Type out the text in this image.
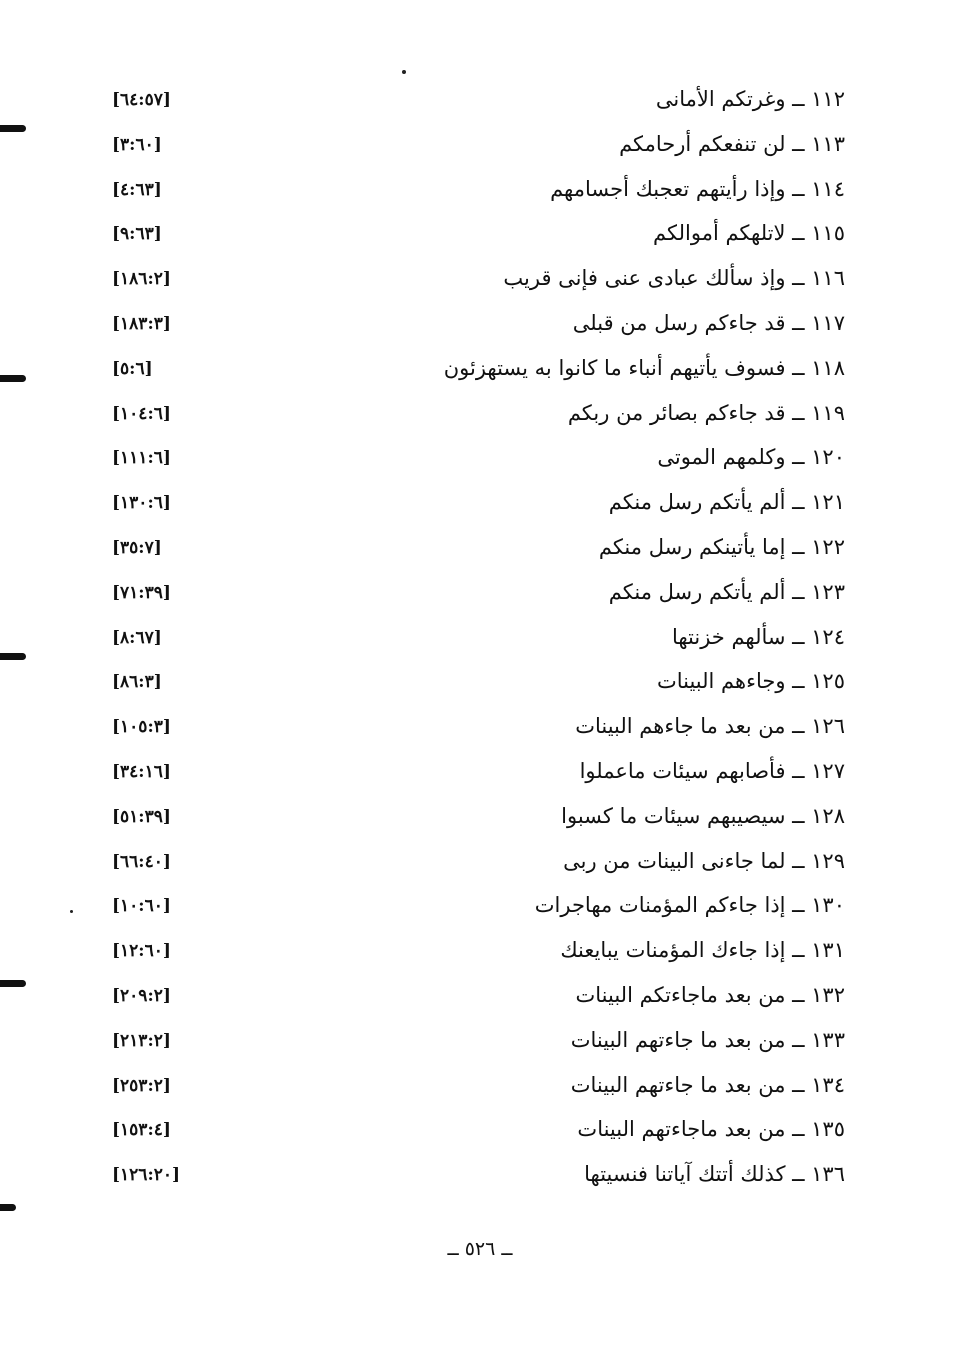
١١٢ ــ وغرتكم الأمانى
[٦٤:٥٧]
١١٣ ــ لن تنفعكم أرحامكم
[٣:٦٠]
١١٤ ــ وإذا رأيتهم تعجبك أجسامهم
[٤:٦٣]
١١٥ ــ لاتلهكم أموالكم
[٩:٦٣]
١١٦ ــ وإذ سألك عبادى عنى فإنى قريب
[١٨٦:٢]
١١٧ ــ قد جاءكم رسل من قبلى
[١٨٣:٣]
١١٨ ــ فسوف يأتيهم أنباء ما كانوا به يستهزئون
[٥:٦]
١١٩ ــ قد جاءكم بصائر من ربكم
[١٠٤:٦]
١٢٠ ــ وكلمهم الموتى
[١١١:٦]
١٢١ ــ ألم يأتكم رسل منكم
[١٣٠:٦]
١٢٢ ــ إما يأتينكم رسل منكم
[٣٥:٧]
١٢٣ ــ ألم يأتكم رسل منكم
[٧١:٣٩]
١٢٤ ــ سألهم خزنتها
[٨:٦٧]
١٢٥ ــ وجاءهم البينات
[٨٦:٣]
١٢٦ ــ من بعد ما جاءهم البينات
[١٠٥:٣]
١٢٧ ــ فأصابهم سيئات ماعملوا
[٣٤:١٦]
١٢٨ ــ سيصيبهم سيئات ما كسبوا
[٥١:٣٩]
١٢٩ ــ لما جاءنى البينات من ربى
[٦٦:٤٠]
١٣٠ ــ إذا جاءكم المؤمنات مهاجرات
[١٠:٦٠]
١٣١ ــ إذا جاءك المؤمنات يبايعنك
[١٢:٦٠]
١٣٢ ــ من بعد ماجاءتكم البينات
[٢٠٩:٢]
١٣٣ ــ من بعد ما جاءتهم البينات
[٢١٣:٢]
١٣٤ ــ من بعد ما جاءتهم البينات
[٢٥٣:٢]
١٣٥ ــ من بعد ماجاءتهم البينات
[١٥٣:٤]
١٣٦ ــ كذلك أتتك آياتنا فنسيتها
[١٢٦:٢٠]
ــ ٥٢٦ ــ
